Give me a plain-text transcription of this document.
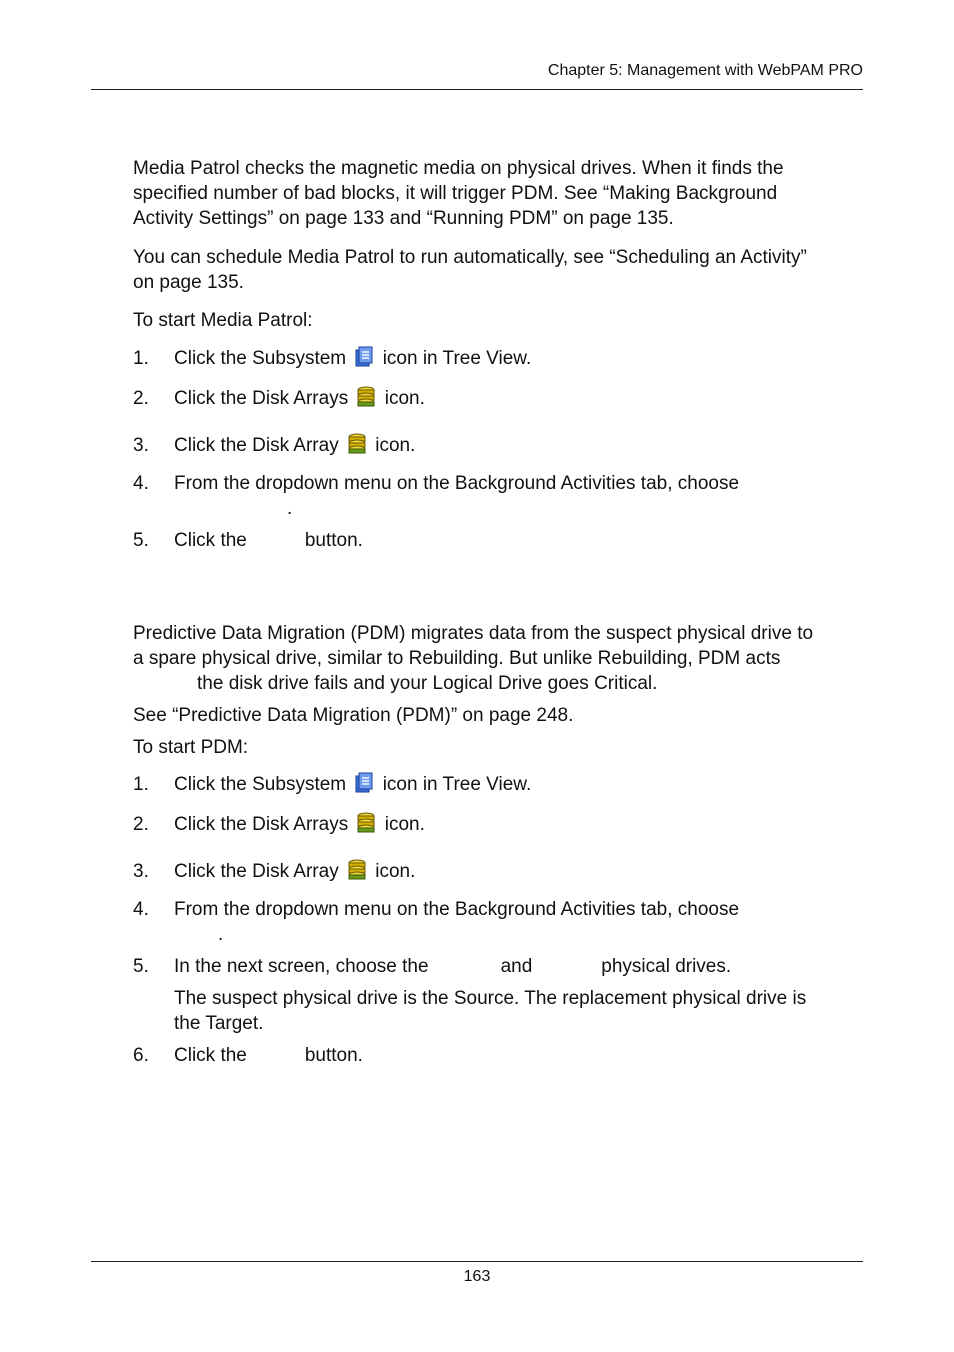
Chapter 5: Management with WebPAM PRO
Media Patrol checks the magnetic media on physical drives. When it finds the
specified number of bad blocks, it will trigger PDM. See “Making Background
Activity Settings” on page 133 and “Running PDM” on page 135.
You can schedule Media Patrol to run automatically, see “Scheduling an Activity”
on page 135.
To start Media Patrol:
1. Click the Subsystem icon in Tree View.
2. Click the Disk Arrays icon.
3. Click the Disk Array icon.
4. From the dropdown menu on the Background Activities tab, choose
.
5. Click the	button.
Predictive Data Migration (PDM) migrates data from the suspect physical drive to
a spare physical drive, similar to Rebuilding. But unlike Rebuilding, PDM acts
the disk drive fails and your Logical Drive goes Critical.
See “Predictive Data Migration (PDM)” on page 248.
To start PDM:
1. Click the Subsystem icon in Tree View.
2. Click the Disk Arrays icon.
3. Click the Disk Array icon.
4. From the dropdown menu on the Background Activities tab, choose
.
5. In the next screen, choose the	and	physical drives.
The suspect physical drive is the Source. The replacement physical drive is
the Target.
6. Click the	button.
163
